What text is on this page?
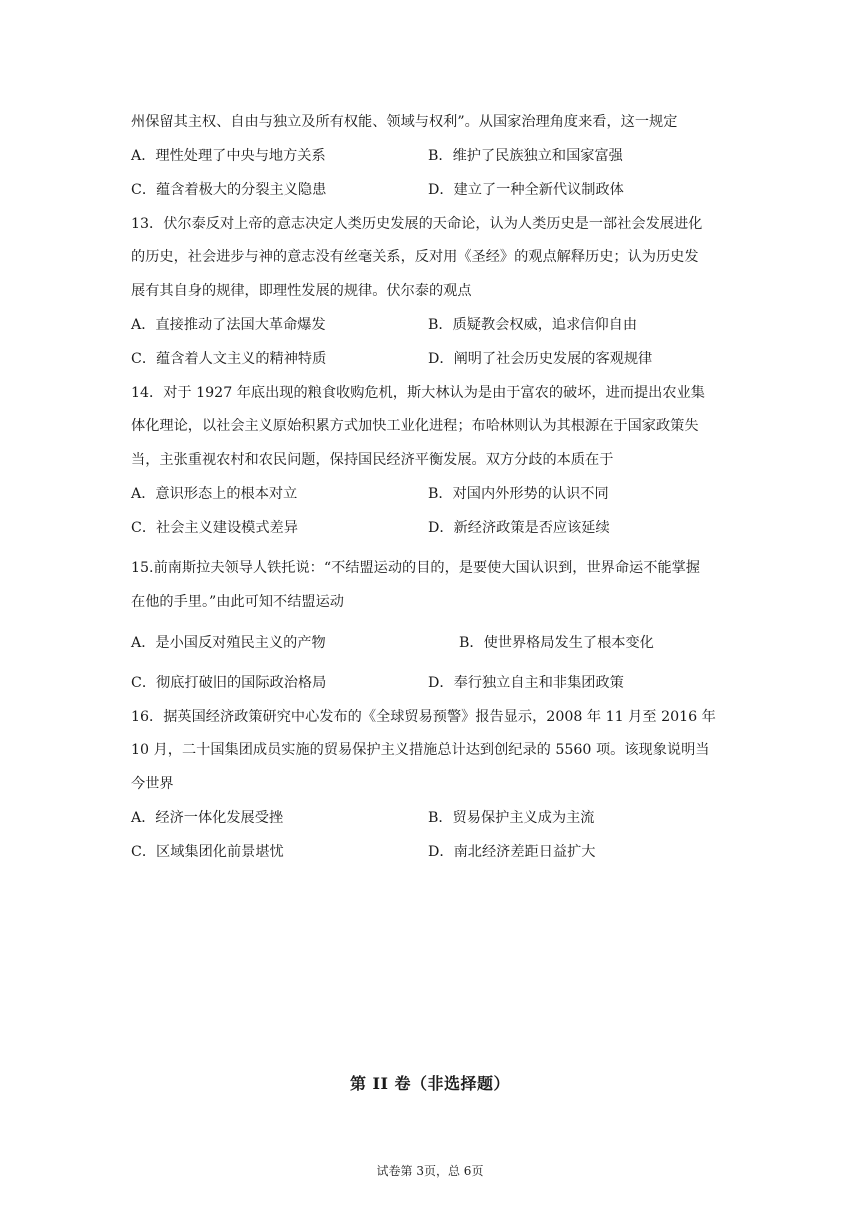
州保留其主权、自由与独立及所有权能、领域与权利”。从国家治理角度来看，这一规定
A．理性处理了中央与地方关系	B．维护了民族独立和国家富强
C．蕴含着极大的分裂主义隐患	D．建立了一种全新代议制政体
13．伏尔泰反对上帝的意志决定人类历史发展的天命论，认为人类历史是一部社会发展进化
的历史，社会进步与神的意志没有丝毫关系，反对用《圣经》的观点解释历史；认为历史发
展有其自身的规律，即理性发展的规律。伏尔泰的观点
A．直接推动了法国大革命爆发	B．质疑教会权威，追求信仰自由
C．蕴含着人文主义的精神特质	D．阐明了社会历史发展的客观规律
14．对于 1927 年底出现的粮食收购危机，斯大林认为是由于富农的破坏，进而提出农业集
体化理论，以社会主义原始积累方式加快工业化进程；布哈林则认为其根源在于国家政策失
当，主张重视农村和农民问题，保持国民经济平衡发展。双方分歧的本质在于
A．意识形态上的根本对立	B．对国内外形势的认识不同
C．社会主义建设模式差异	D．新经济政策是否应该延续
15.前南斯拉夫领导人铁托说：“不结盟运动的目的，是要使大国认识到，世界命运不能掌握
在他的手里。”由此可知不结盟运动
A．是小国反对殖民主义的产物	B．使世界格局发生了根本变化
C．彻底打破旧的国际政治格局	D．奉行独立自主和非集团政策
16．据英国经济政策研究中心发布的《全球贸易预警》报告显示，2008 年 11 月至 2016 年
10 月，二十国集团成员实施的贸易保护主义措施总计达到创纪录的 5560 项。该现象说明当
今世界
A．经济一体化发展受挫	B．贸易保护主义成为主流
C．区域集团化前景堪忧	D．南北经济差距日益扩大
第 II 卷（非选择题）
试卷第 3页，总 6页
